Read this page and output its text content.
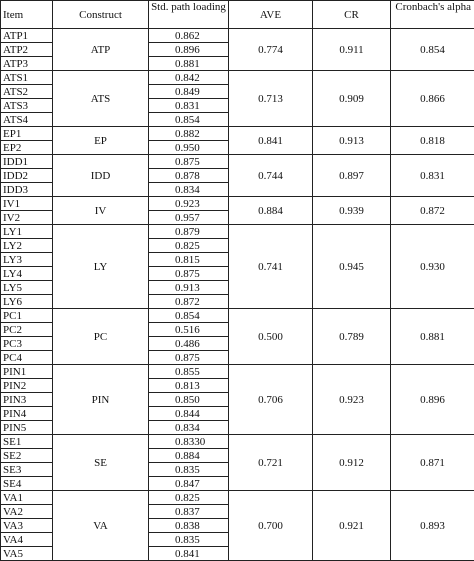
Item	Construct	Std. path loading	AVE	CR	Cronbach's alpha
ATP1	ATP	0.862	0.774	0.911	0.854
ATP2		0.896			
ATP3		0.881			
ATS1	ATS	0.842	0.713	0.909	0.866
ATS2		0.849			
ATS3		0.831			
ATS4		0.854			
EP1	EP	0.882	0.841	0.913	0.818
EP2		0.950			
IDD1	IDD	0.875	0.744	0.897	0.831
IDD2		0.878			
IDD3		0.834			
IV1	IV	0.923	0.884	0.939	0.872
IV2		0.957			
LY1	LY	0.879	0.741	0.945	0.930
LY2		0.825			
LY3		0.815			
LY4		0.875			
LY5		0.913			
LY6		0.872			
PC1	PC	0.854	0.500	0.789	0.881
PC2		0.516			
PC3		0.486			
PC4		0.875			
PIN1	PIN	0.855	0.706	0.923	0.896
PIN2		0.813			
PIN3		0.850			
PIN4		0.844			
PIN5		0.834			
SE1	SE	0.8330	0.721	0.912	0.871
SE2		0.884			
SE3		0.835			
SE4		0.847			
VA1	VA	0.825	0.700	0.921	0.893
VA2		0.837			
VA3		0.838			
VA4		0.835			
VA5		0.841			
